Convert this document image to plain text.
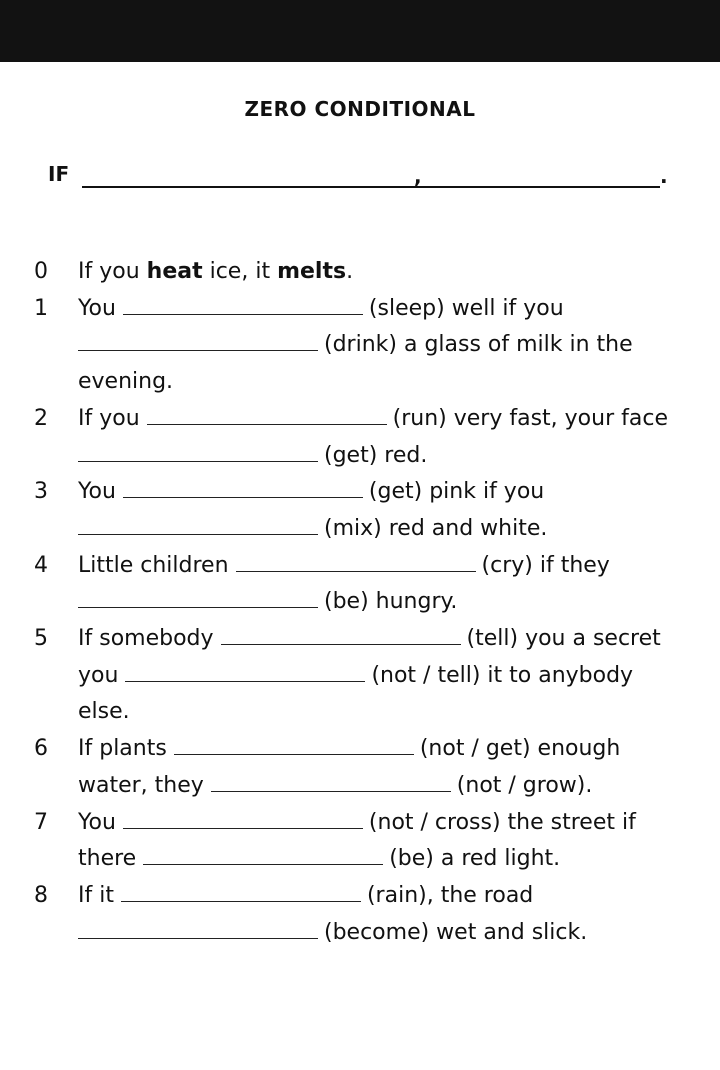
ZERO CONDITIONAL
IF	,	.
0 If you heat ice, it melts.
1 You	(sleep) well if you
(drink) a glass of milk in the evening.
2 If you	(run) very fast, your face (get) red.
3 You	(get) pink if you
(mix) red and white.
4 Little children	(cry) if they
(be) hungry.
5 If somebody	(tell) you a secret you	(not / tell) it to anybody else.
6 If plants	(not / get) enough water, they	(not / grow).
7 You	(not / cross) the street if there	(be) a red light.
8 If it	(rain), the road
(become) wet and slick.
